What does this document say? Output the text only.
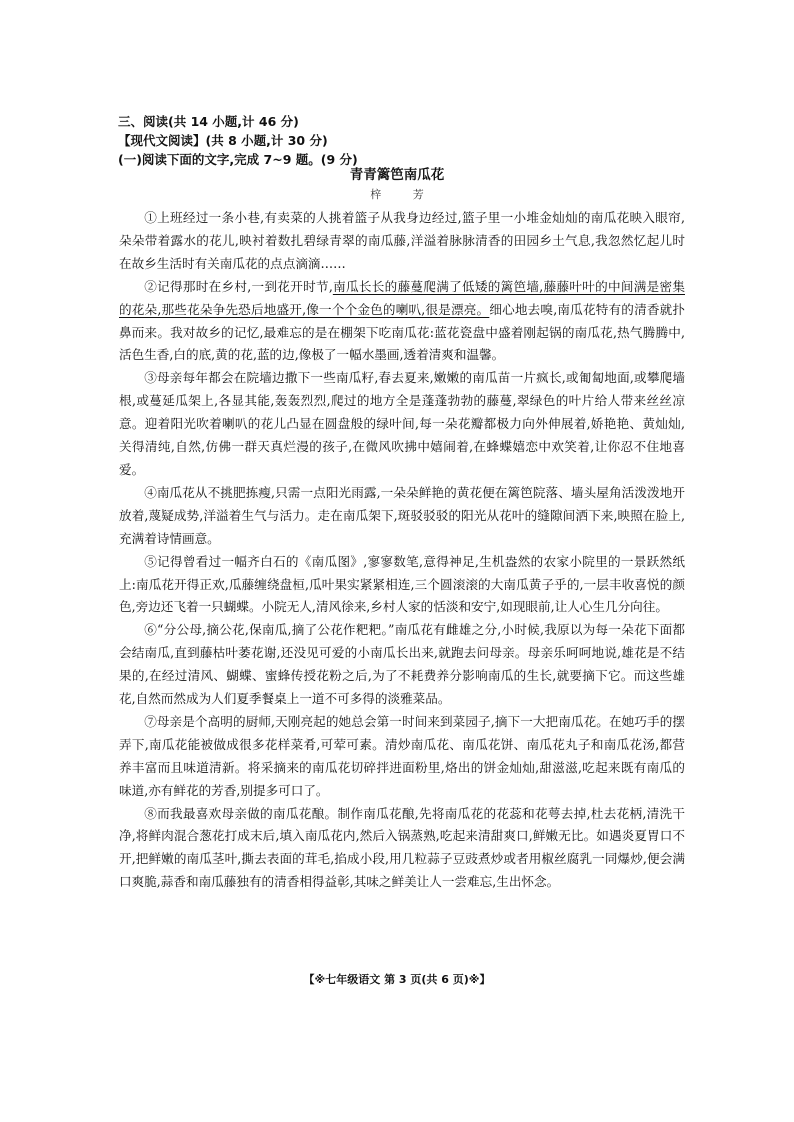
三、阅读(共 14 小题,计 46 分)
【现代文阅读】(共 8 小题,计 30 分)
(一)阅读下面的文字,完成 7~9 题。(9 分)
青青篱笆南瓜花
梓 芳

①上班经过一条小巷,有卖菜的人挑着篮子从我身边经过,篮子里一小堆金灿灿的南瓜花映入眼帘,朵朵带着露水的花儿,映衬着数扎碧绿青翠的南瓜藤,洋溢着脉脉清香的田园乡土气息,我忽然忆起儿时在故乡生活时有关南瓜花的点点滴滴……

②记得那时在乡村,一到花开时节,南瓜长长的藤蔓爬满了低矮的篱笆墙,藤藤叶叶的中间满是密集的花朵,那些花朵争先恐后地盛开,像一个个金色的喇叭,很是漂亮。细心地去嗅,南瓜花特有的清香就扑鼻而来。我对故乡的记忆,最难忘的是在棚架下吃南瓜花:蓝花瓷盘中盛着刚起锅的南瓜花,热气腾腾中,活色生香,白的底,黄的花,蓝的边,像极了一幅水墨画,透着清爽和温馨。

③母亲每年都会在院墙边撒下一些南瓜籽,春去夏来,嫩嫩的南瓜苗一片疯长,或匍匐地面,或攀爬墙根,或蔓延瓜架上,各显其能,轰轰烈烈,爬过的地方全是蓬蓬勃勃的藤蔓,翠绿色的叶片给人带来丝丝凉意。迎着阳光吹着喇叭的花儿凸显在圆盘般的绿叶间,每一朵花瓣都极力向外伸展着,娇艳艳、黄灿灿,关得清纯,自然,仿佛一群天真烂漫的孩子,在微风吹拂中嬉闹着,在蜂蝶嬉恋中欢笑着,让你忍不住地喜爱。

④南瓜花从不挑肥拣瘦,只需一点阳光雨露,一朵朵鲜艳的黄花便在篱笆院落、墙头屋角活泼泼地开放着,蔑疑成势,洋溢着生气与活力。走在南瓜架下,斑驳驳驳的阳光从花叶的缝隙间洒下来,映照在脸上,充满着诗情画意。

⑤记得曾看过一幅齐白石的《南瓜图》,寥寥数笔,意得神足,生机盎然的农家小院里的一景跃然纸上:南瓜花开得正欢,瓜藤缠绕盘桓,瓜叶果实紧紧相连,三个圆滚滚的大南瓜黄子乎的,一层丰收喜悦的颜色,旁边还飞着一只蝴蝶。小院无人,清风徐来,乡村人家的恬淡和安宁,如现眼前,让人心生几分向往。

⑥“分公母,摘公花,保南瓜,摘了公花作粑粑。”南瓜花有雌雄之分,小时候,我原以为每一朵花下面都会结南瓜,直到藤枯叶萎花谢,还没见可爱的小南瓜长出来,就跑去问母亲。母亲乐呵呵地说,雄花是不结果的,在经过清风、蝴蝶、蜜蜂传授花粉之后,为了不耗费养分影响南瓜的生长,就要摘下它。而这些雄花,自然而然成为人们夏季餐桌上一道不可多得的淡雅菜品。

⑦母亲是个高明的厨师,天刚亮起的她总会第一时间来到菜园子,摘下一大把南瓜花。在她巧手的摆弄下,南瓜花能被做成很多花样菜肴,可荤可素。清炒南瓜花、南瓜花饼、南瓜花丸子和南瓜花汤,都营养丰富而且味道清新。将采摘来的南瓜花切碎拌进面粉里,烙出的饼金灿灿,甜滋滋,吃起来既有南瓜的味道,亦有鲜花的芳香,别提多可口了。

⑧而我最喜欢母亲做的南瓜花酿。制作南瓜花酿,先将南瓜花的花蕊和花萼去掉,杜去花柄,清洗干净,将鲜肉混合葱花打成末后,填入南瓜花内,然后入锅蒸熟,吃起来清甜爽口,鲜嫩无比。如遇炎夏胃口不开,把鲜嫩的南瓜茎叶,撕去表面的茸毛,掐成小段,用几粒蒜子豆豉煮炒或者用椒丝腐乳一同爆炒,便会满口爽脆,蒜香和南瓜藤独有的清香相得益彰,其味之鲜美让人一尝难忘,生出怀念。

【※七年级语文 第 3 页(共 6 页)※】
